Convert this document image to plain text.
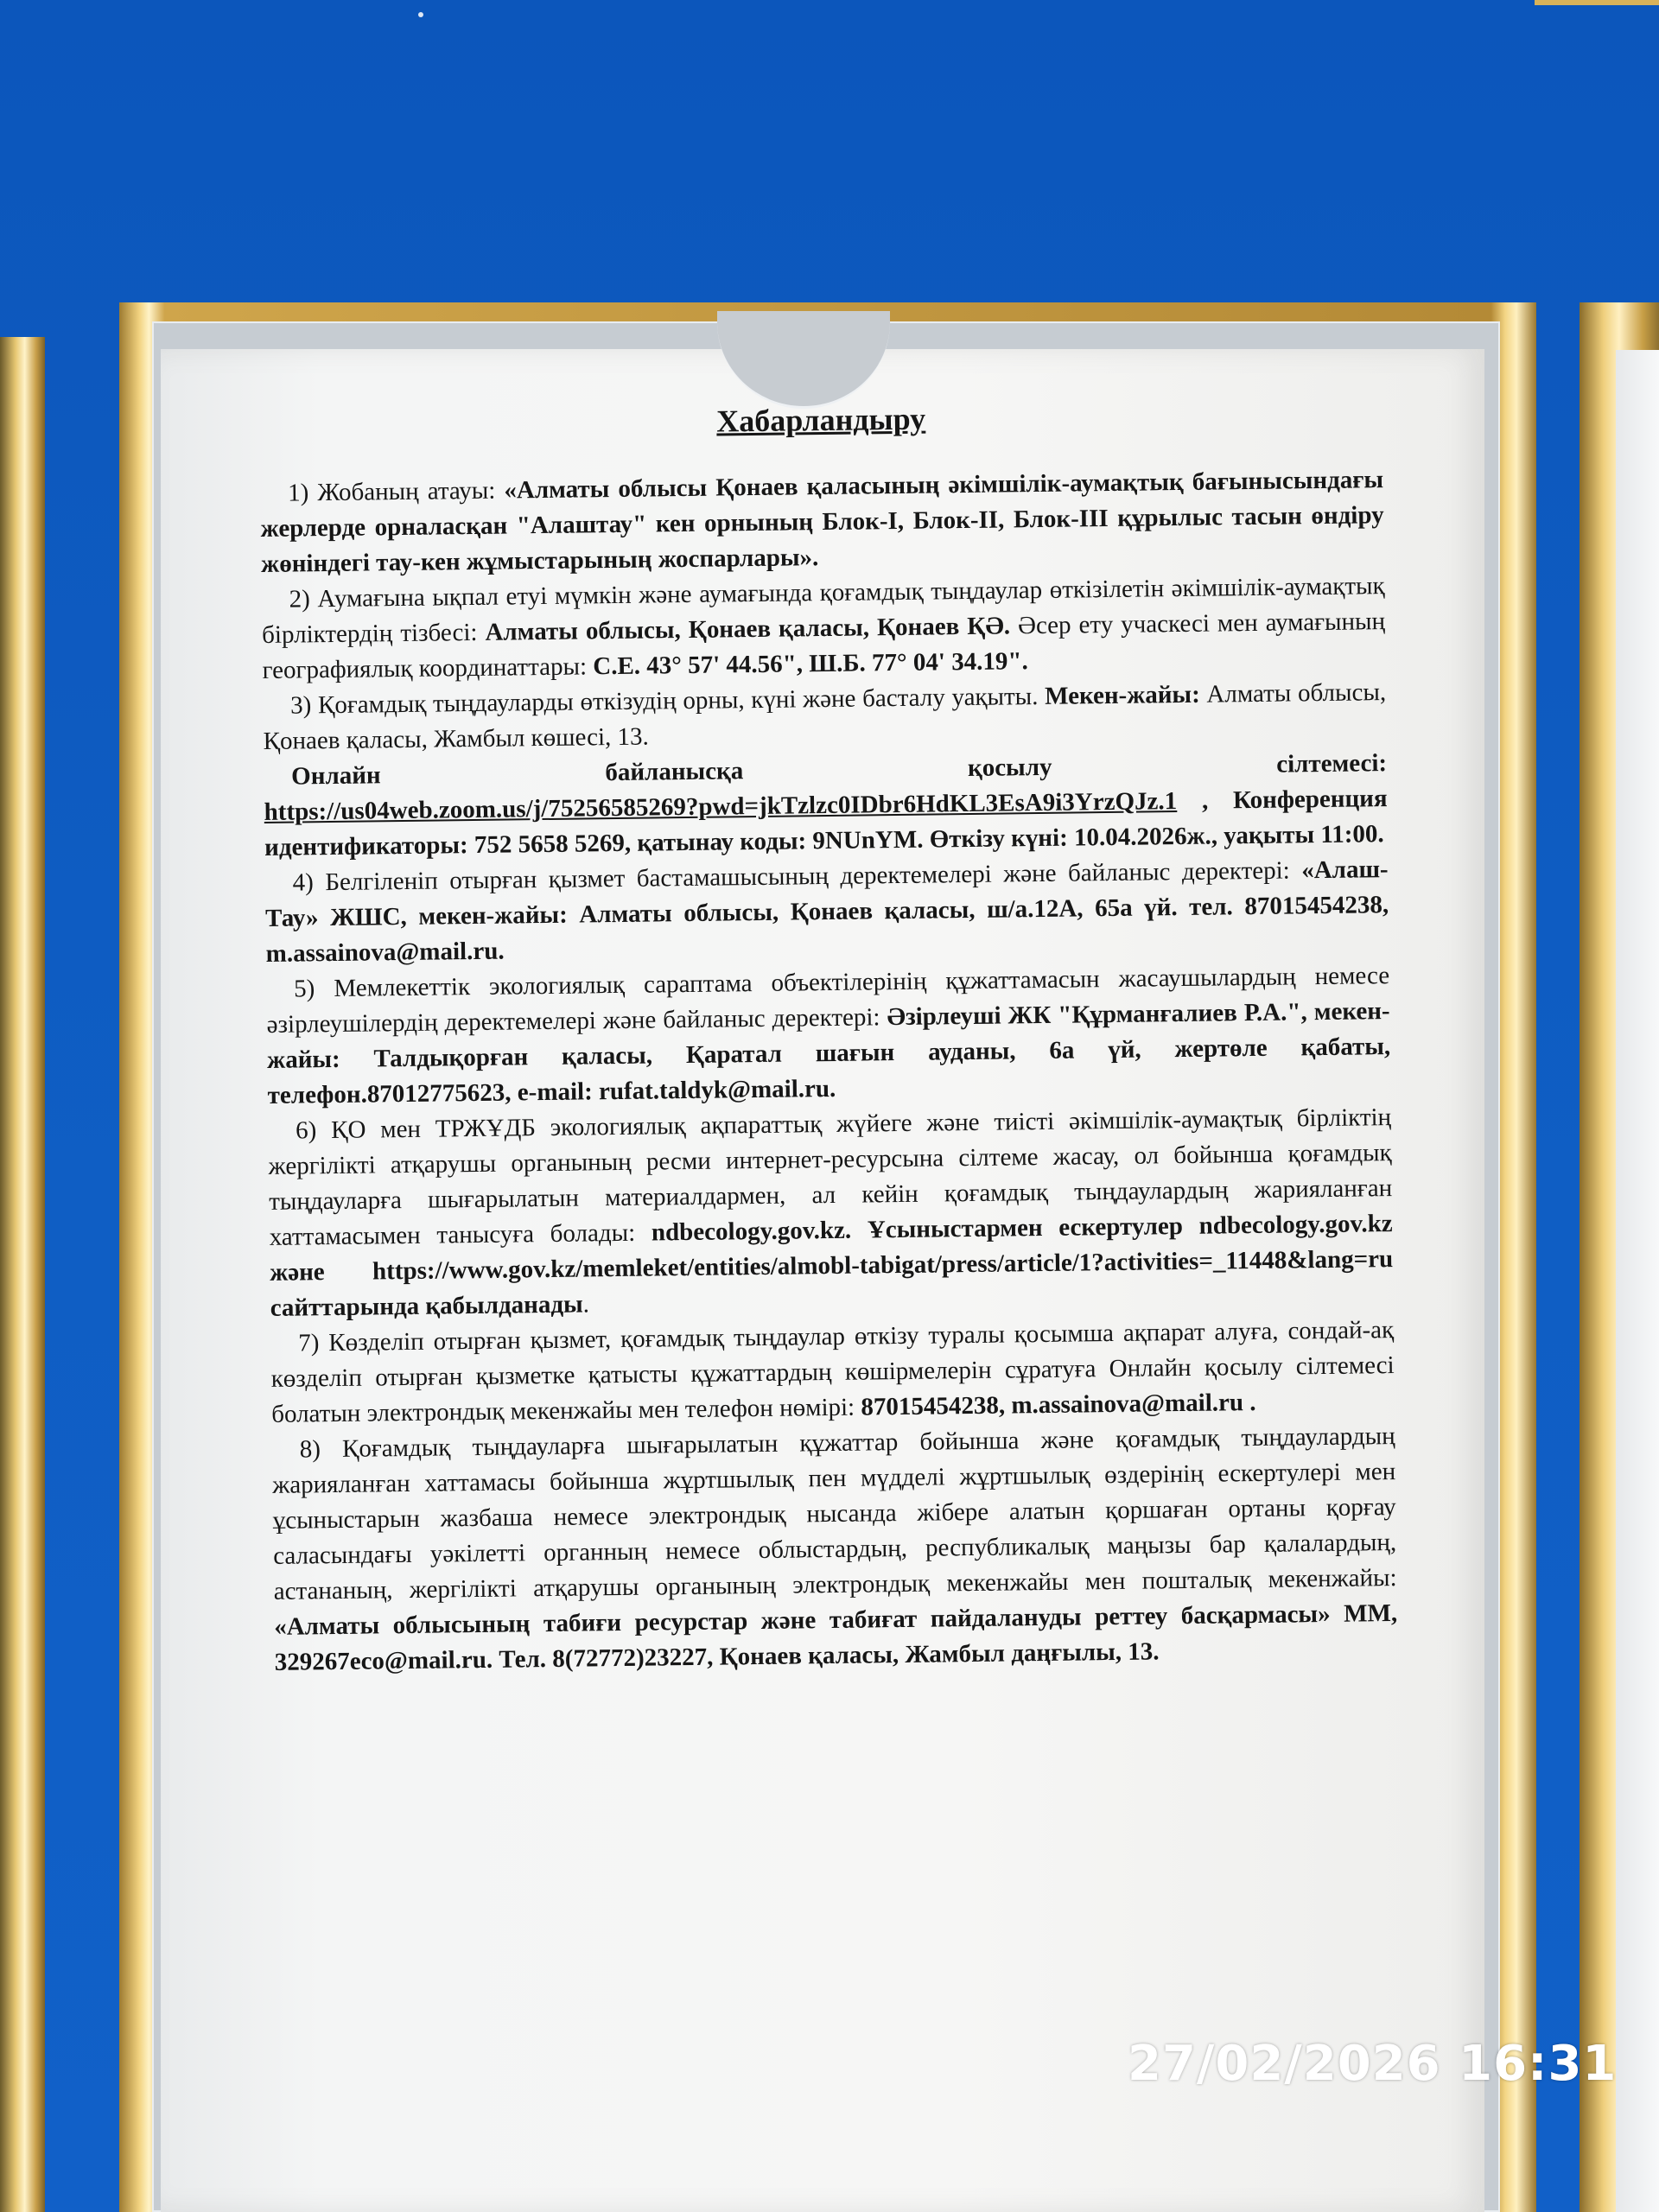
Хабарландыру

1) Жобаның атауы: «Алматы облысы Қонаев қаласының әкімшілік-аумақтық бағынысындағы жерлерде орналасқан "Алаштау" кен орнының Блок-I, Блок-II, Блок-III құрылыс тасын өндіру жөніндегі тау-кен жұмыстарының жоспарлары».

2) Аумағына ықпал етуі мүмкін және аумағында қоғамдық тыңдаулар өткізілетін әкімшілік-аумақтық бірліктердің тізбесі: Алматы облысы, Қонаев қаласы, Қонаев ҚӘ. Әсер ету учаскесі мен аумағының географиялық координаттары: С.Е. 43° 57' 44.56", Ш.Б. 77° 04' 34.19".

3) Қоғамдық тыңдауларды өткізудің орны, күні және басталу уақыты. Мекен-жайы: Алматы облысы, Қонаев қаласы, Жамбыл көшесі, 13.

Онлайн байланысқа қосылу сілтемесі:

https://us04web.zoom.us/j/75256585269?pwd=jkTzlzc0IDbr6HdKL3EsA9i3YrzQJz.1 , Конференция идентификаторы: 752 5658 5269, қатынау коды: 9NUnYM. Өткізу күні: 10.04.2026ж., уақыты 11:00.

4) Белгіленіп отырған қызмет бастамашысының деректемелері және байланыс деректері: «Алаш-Тау» ЖШС, мекен-жайы: Алматы облысы, Қонаев қаласы, ш/а.12А, 65а үй. тел. 87015454238, m.assainova@mail.ru.

5) Мемлекеттік экологиялық сараптама объектілерінің құжаттамасын жасаушылардың немесе әзірлеушілердің деректемелері және байланыс деректері: Әзірлеуші ЖК "Құрманғалиев Р.А.", мекен-жайы: Талдықорған қаласы, Қаратал шағын ауданы, 6а үй, жертөле қабаты, телефон.87012775623, e-mail: rufat.taldyk@mail.ru.

6) ҚО мен ТРЖҰДБ экологиялық ақпараттық жүйеге және тиісті әкімшілік-аумақтық бірліктің жергілікті атқарушы органының ресми интернет-ресурсына сілтеме жасау, ол бойынша қоғамдық тыңдауларға шығарылатын материалдармен, ал кейін қоғамдық тыңдаулардың жарияланған хаттамасымен танысуға болады: ndbecology.gov.kz. Ұсыныстармен ескертулер ndbecology.gov.kz және https://www.gov.kz/memleket/entities/almobl-tabigat/press/article/1?activities=_11448&lang=ru сайттарында қабылданады.

7) Көзделіп отырған қызмет, қоғамдық тыңдаулар өткізу туралы қосымша ақпарат алуға, сондай-ақ көзделіп отырған қызметке қатысты құжаттардың көшірмелерін сұратуға Онлайн қосылу сілтемесі болатын электрондық мекенжайы мен телефон нөмірі: 87015454238, m.assainova@mail.ru .

8) Қоғамдық тыңдауларға шығарылатын құжаттар бойынша және қоғамдық тыңдаулардың жарияланған хаттамасы бойынша жұртшылық пен мүдделі жұртшылық өздерінің ескертулері мен ұсыныстарын жазбаша немесе электрондық нысанда жібере алатын қоршаған ортаны қорғау саласындағы уәкілетті органның немесе облыстардың, республикалық маңызы бар қалалардың, астананың, жергілікті атқарушы органының электрондық мекенжайы мен пошталық мекенжайы: «Алматы облысының табиғи ресурстар және табиғат пайдалануды реттеу басқармасы» ММ, 329267eco@mail.ru. Тел. 8(72772)23227, Қонаев қаласы, Жамбыл даңғылы, 13.

27/02/2026 16:31
